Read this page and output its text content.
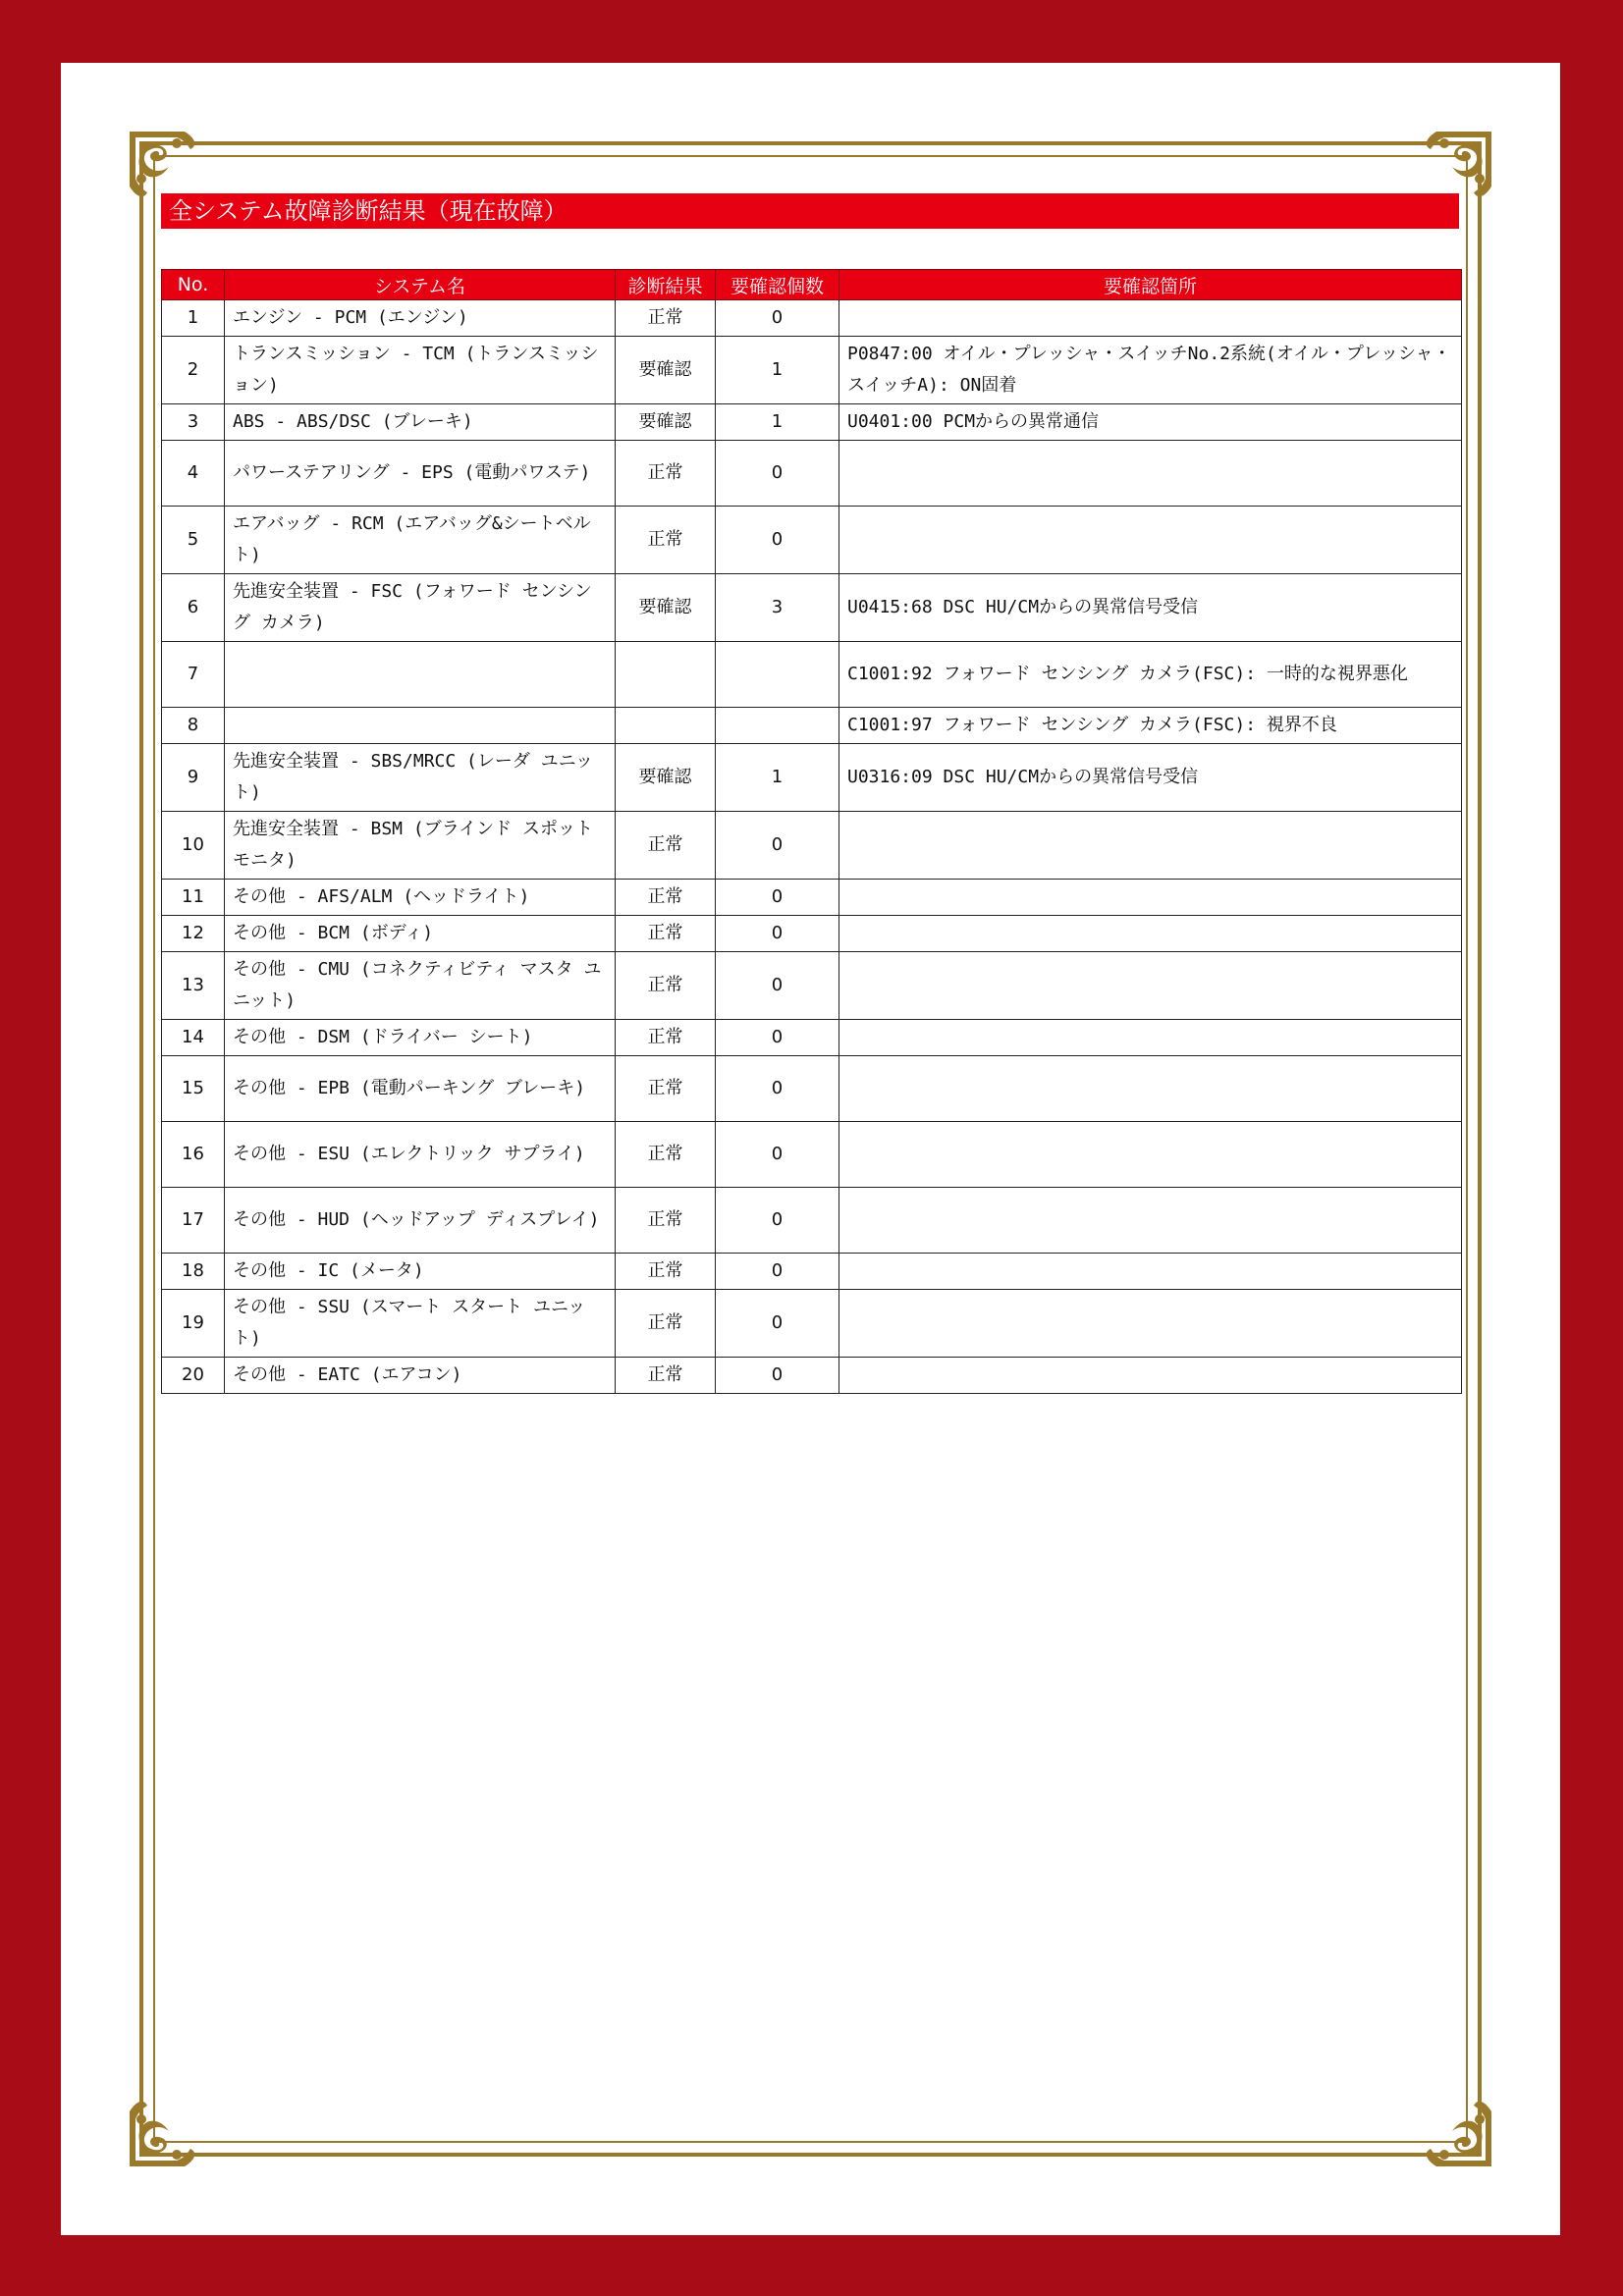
全システム故障診断結果（現在故障）
No.	システム名	診断結果	要確認個数	要確認箇所
1	エンジン - PCM (エンジン)	正常	0	
2	トランスミッション - TCM (トランスミッション)	要確認	1	P0847:00 オイル・プレッシャ・スイッチNo.2系統(オイル・プレッシャ・スイッチA): ON固着
3	ABS - ABS/DSC (ブレーキ)	要確認	1	U0401:00 PCMからの異常通信
4	パワーステアリング - EPS (電動パワステ)	正常	0	
5	エアバッグ - RCM (エアバッグ&シートベルト)	正常	0	
6	先進安全装置 - FSC (フォワード センシング カメラ)	要確認	3	U0415:68 DSC HU/CMからの異常信号受信
7				C1001:92 フォワード センシング カメラ(FSC): 一時的な視界悪化
8				C1001:97 フォワード センシング カメラ(FSC): 視界不良
9	先進安全装置 - SBS/MRCC (レーダ ユニット)	要確認	1	U0316:09 DSC HU/CMからの異常信号受信
10	先進安全装置 - BSM (ブラインド スポット モニタ)	正常	0	
11	その他 - AFS/ALM (ヘッドライト)	正常	0	
12	その他 - BCM (ボディ)	正常	0	
13	その他 - CMU (コネクティビティ マスタ ユニット)	正常	0	
14	その他 - DSM (ドライバー シート)	正常	0	
15	その他 - EPB (電動パーキング ブレーキ)	正常	0	
16	その他 - ESU (エレクトリック サプライ)	正常	0	
17	その他 - HUD (ヘッドアップ ディスプレイ)	正常	0	
18	その他 - IC (メータ)	正常	0	
19	その他 - SSU (スマート スタート ユニット)	正常	0	
20	その他 - EATC (エアコン)	正常	0	
